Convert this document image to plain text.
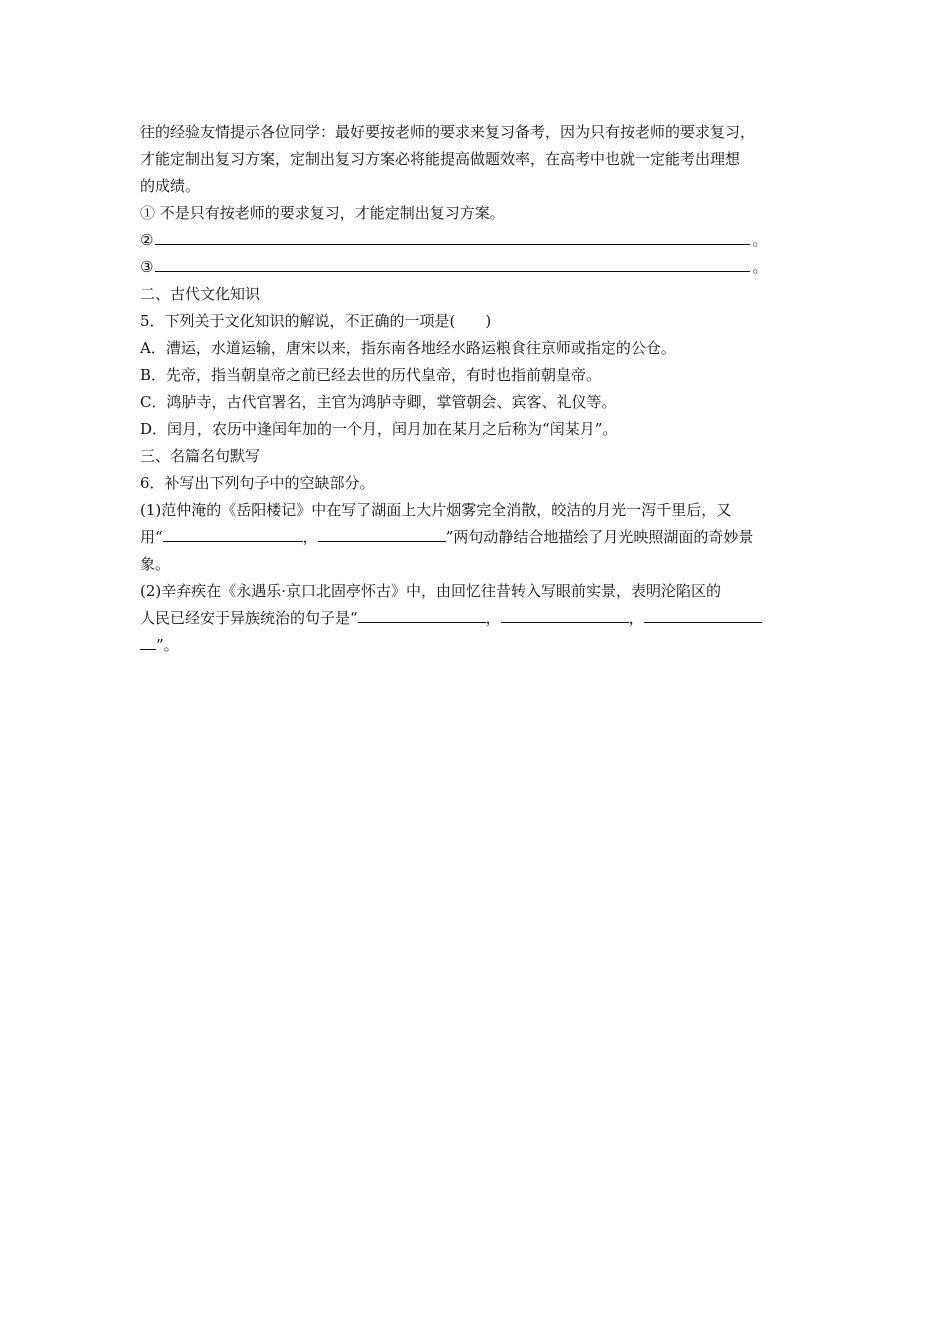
往的经验友情提示各位同学：最好要按老师的要求来复习备考，因为只有按老师的要求复习，
才能定制出复习方案，定制出复习方案必将能提高做题效率，在高考中也就一定能考出理想
的成绩。
① 不是只有按老师的要求复习，才能定制出复习方案。
②	。
③	。
二、古代文化知识
5．下列关于文化知识的解说，不正确的一项是(　　)
A．漕运，水道运输，唐宋以来，指东南各地经水路运粮食往京师或指定的公仓。
B．先帝，指当朝皇帝之前已经去世的历代皇帝，有时也指前朝皇帝。
C．鸿胪寺，古代官署名，主官为鸿胪寺卿，掌管朝会、宾客、礼仪等。
D．闰月，农历中逢闰年加的一个月，闰月加在某月之后称为“闰某月”。
三、名篇名句默写
6．补写出下列句子中的空缺部分。
(1)范仲淹的《岳阳楼记》中在写了湖面上大片烟雾完全消散，皎洁的月光一泻千里后，又
用“	，	”两句动静结合地描绘了月光映照湖面的奇妙景
象。
(2)辛弃疾在《永遇乐·京口北固亭怀古》中，由回忆往昔转入写眼前实景，表明沦陷区的
人民已经安于异族统治的句子是“	，	，
”。
